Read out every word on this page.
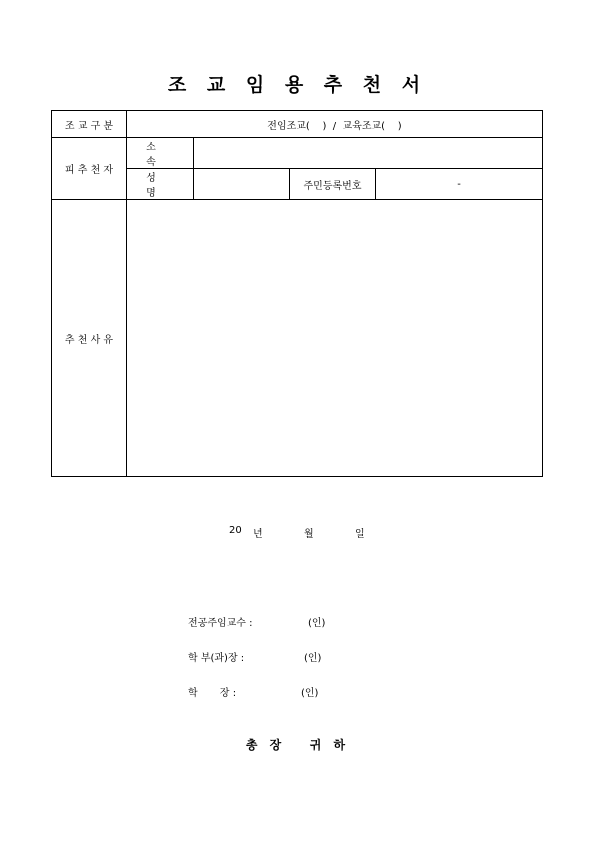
조 교 임 용 추 천 서
조 교 구 분	전임조교(    )  /  교육조교(    )			
피 추 천 자	소 속			
	성 명		주민등록번호	-
추 천 사 유				
20 년	월	일
전공주임교수 :	(인)
학 부(과)장 :	(인)
학       장 :	(인)
총 장   귀 하
